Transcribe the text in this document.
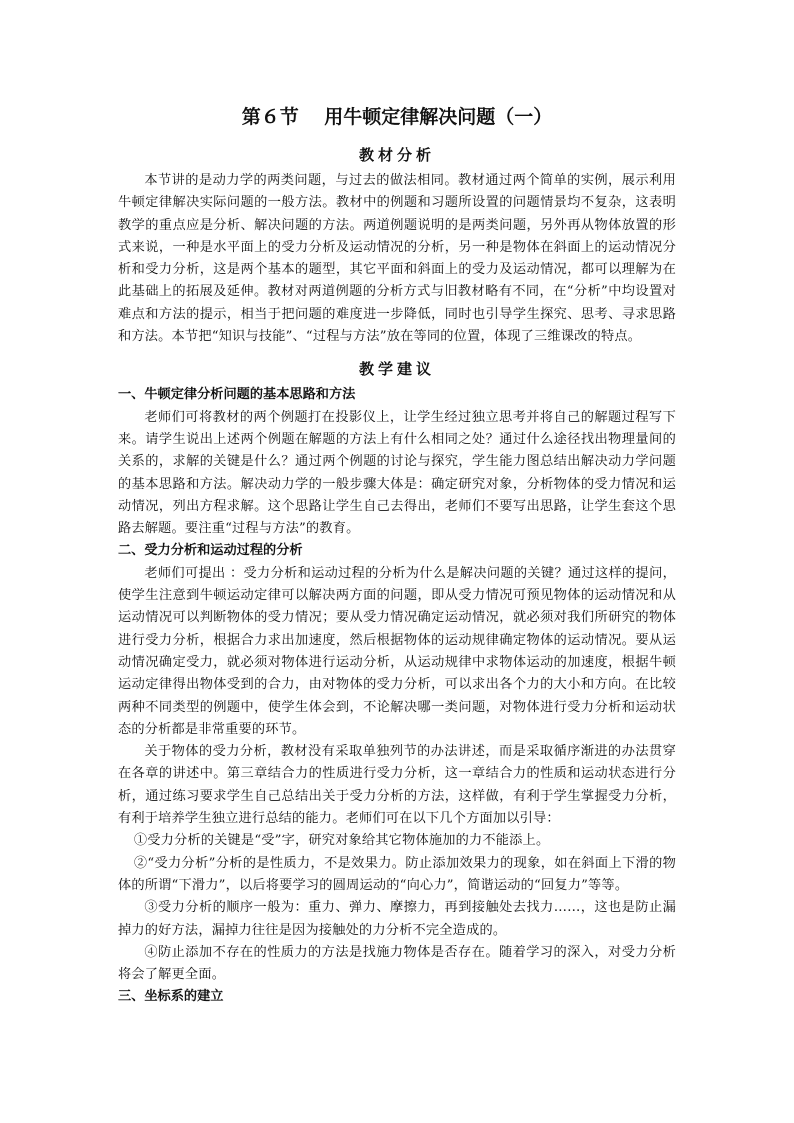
第６节　 用牛顿定律解决问题（一）
教材分析

本节讲的是动力学的两类问题，与过去的做法相同。教材通过两个简单的实例，展示利用牛顿定律解决实际问题的一般方法。教材中的例题和习题所设置的问题情景均不复杂，这表明教学的重点应是分析、解决问题的方法。两道例题说明的是两类问题，另外再从物体放置的形式来说，一种是水平面上的受力分析及运动情况的分析，另一种是物体在斜面上的运动情况分析和受力分析，这是两个基本的题型，其它平面和斜面上的受力及运动情况，都可以理解为在此基础上的拓展及延伸。教材对两道例题的分析方式与旧教材略有不同，在“分析”中均设置对难点和方法的提示，相当于把问题的难度进一步降低，同时也引导学生探究、思考、寻求思路和方法。本节把“知识与技能”、“过程与方法”放在等同的位置，体现了三维课改的特点。

教学建议
一、牛顿定律分析问题的基本思路和方法

老师们可将教材的两个例题打在投影仪上，让学生经过独立思考并将自己的解题过程写下来。请学生说出上述两个例题在解题的方法上有什么相同之处？通过什么途径找出物理量间的关系的，求解的关键是什么？通过两个例题的讨论与探究，学生能力图总结出解决动力学问题的基本思路和方法。解决动力学的一般步骤大体是：确定研究对象，分析物体的受力情况和运动情况，列出方程求解。这个思路让学生自己去得出，老师们不要写出思路，让学生套这个思路去解题。要注重“过程与方法”的教育。

二、受力分析和运动过程的分析

老师们可提出 ：受力分析和运动过程的分析为什么是解决问题的关键？通过这样的提问，使学生注意到牛顿运动定律可以解决两方面的问题，即从受力情况可预见物体的运动情况和从运动情况可以判断物体的受力情况；要从受力情况确定运动情况，就必须对我们所研究的物体进行受力分析，根据合力求出加速度，然后根据物体的运动规律确定物体的运动情况。要从运动情况确定受力，就必须对物体进行运动分析，从运动规律中求物体运动的加速度，根据牛顿运动定律得出物体受到的合力，由对物体的受力分析，可以求出各个力的大小和方向。在比较两种不同类型的例题中，使学生体会到，不论解决哪一类问题，对物体进行受力分析和运动状态的分析都是非常重要的环节。

关于物体的受力分析，教材没有采取单独列节的办法讲述，而是采取循序渐进的办法贯穿在各章的讲述中。第三章结合力的性质进行受力分析，这一章结合力的性质和运动状态进行分析，通过练习要求学生自己总结出关于受力分析的方法，这样做，有利于学生掌握受力分析，有利于培养学生独立进行总结的能力。老师们可在以下几个方面加以引导：

①受力分析的关键是“受”字，研究对象给其它物体施加的力不能添上。

②“受力分析”分析的是性质力，不是效果力。防止添加效果力的现象，如在斜面上下滑的物体的所谓“下滑力”，以后将要学习的圆周运动的“向心力”，简谐运动的“回复力”等等。

③受力分析的顺序一般为：重力、弹力、摩擦力，再到接触处去找力……，这也是防止漏掉力的好方法，漏掉力往往是因为接触处的力分析不完全造成的。

④防止添加不存在的性质力的方法是找施力物体是否存在。随着学习的深入，对受力分析将会了解更全面。

三、坐标系的建立
